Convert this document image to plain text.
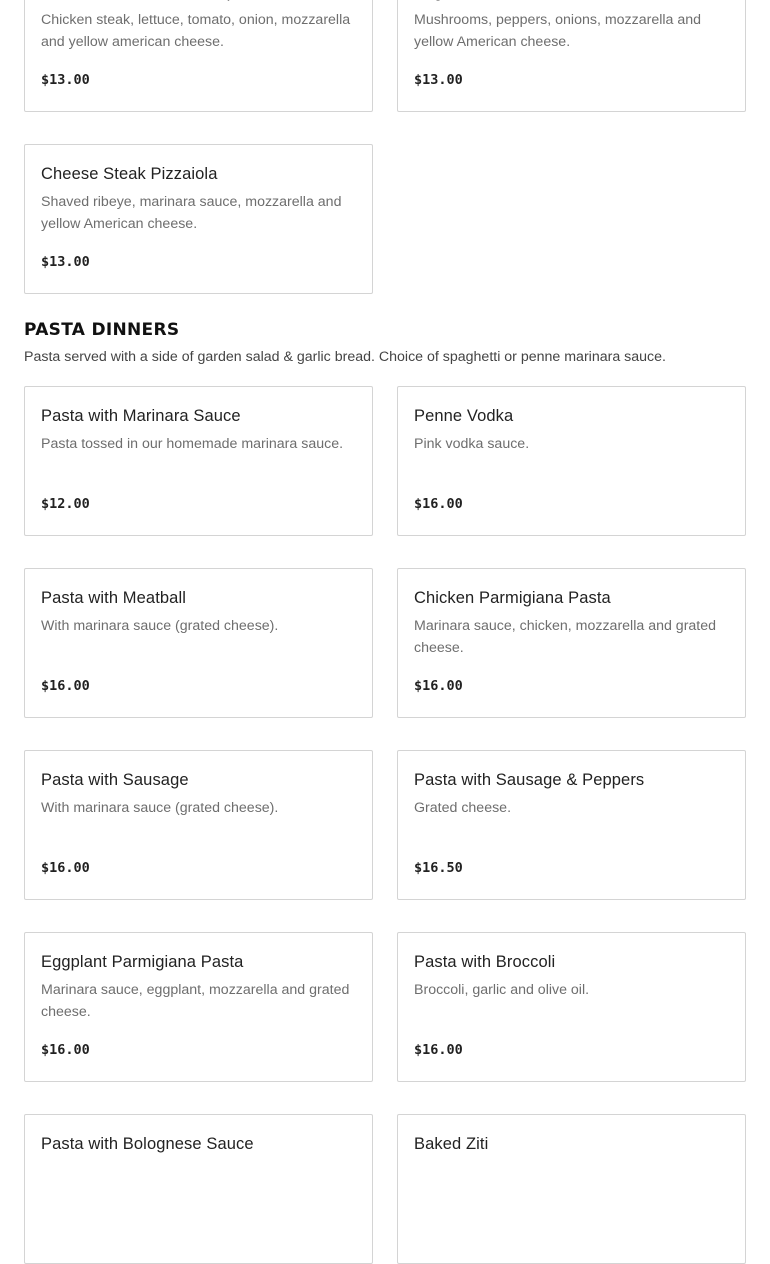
Chicken steak, lettuce, tomato, onion, mozzarella and yellow american cheese.
$13.00
Mushrooms, peppers, onions, mozzarella and yellow American cheese.
$13.00
Cheese Steak Pizzaiola
Shaved ribeye, marinara sauce, mozzarella and yellow American cheese.
$13.00
PASTA DINNERS
Pasta served with a side of garden salad & garlic bread. Choice of spaghetti or penne marinara sauce.
Pasta with Marinara Sauce
Pasta tossed in our homemade marinara sauce.
$12.00
Penne Vodka
Pink vodka sauce.
$16.00
Pasta with Meatball
With marinara sauce (grated cheese).
$16.00
Chicken Parmigiana Pasta
Marinara sauce, chicken, mozzarella and grated cheese.
$16.00
Pasta with Sausage
With marinara sauce (grated cheese).
$16.00
Pasta with Sausage & Peppers
Grated cheese.
$16.50
Eggplant Parmigiana Pasta
Marinara sauce, eggplant, mozzarella and grated cheese.
$16.00
Pasta with Broccoli
Broccoli, garlic and olive oil.
$16.00
Pasta with Bolognese Sauce	Baked Ziti
